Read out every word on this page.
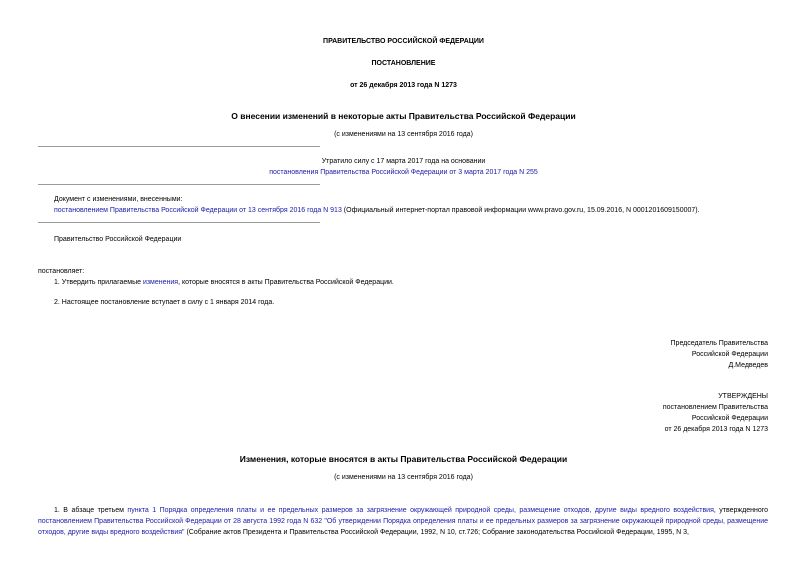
ПРАВИТЕЛЬСТВО РОССИЙСКОЙ ФЕДЕРАЦИИ
ПОСТАНОВЛЕНИЕ
от 26 декабря 2013 года N 1273
О внесении изменений в некоторые акты Правительства Российской Федерации
(с изменениями на 13 сентября 2016 года)
Утратило силу с 17 марта 2017 года на основании
постановления Правительства Российской Федерации от 3 марта 2017 года N 255
Документ с изменениями, внесенными:
постановлением Правительства Российской Федерации от 13 сентября 2016 года N 913 (Официальный интернет-портал правовой информации www.pravo.gov.ru, 15.09.2016, N 0001201609150007).
Правительство Российской Федерации
постановляет:
1. Утвердить прилагаемые изменения, которые вносятся в акты Правительства Российской Федерации.
2. Настоящее постановление вступает в силу с 1 января 2014 года.
Председатель Правительства
Российской Федерации
Д.Медведев
УТВЕРЖДЕНЫ
постановлением Правительства
Российской Федерации
от 26 декабря 2013 года N 1273
Изменения, которые вносятся в акты Правительства Российской Федерации
(с изменениями на 13 сентября 2016 года)
1. В абзаце третьем пункта 1 Порядка определения платы и ее предельных размеров за загрязнение окружающей природной среды, размещение отходов, другие виды вредного воздействия, утвержденного постановлением Правительства Российской Федерации от 28 августа 1992 года N 632 "Об утверждении Порядка определения платы и ее предельных размеров за загрязнение окружающей природной среды, размещение отходов, другие виды вредного воздействия" (Собрание актов Президента и Правительства Российской Федерации, 1992, N 10, ст.726; Собрание законодательства Российской Федерации, 1995, N 3,
